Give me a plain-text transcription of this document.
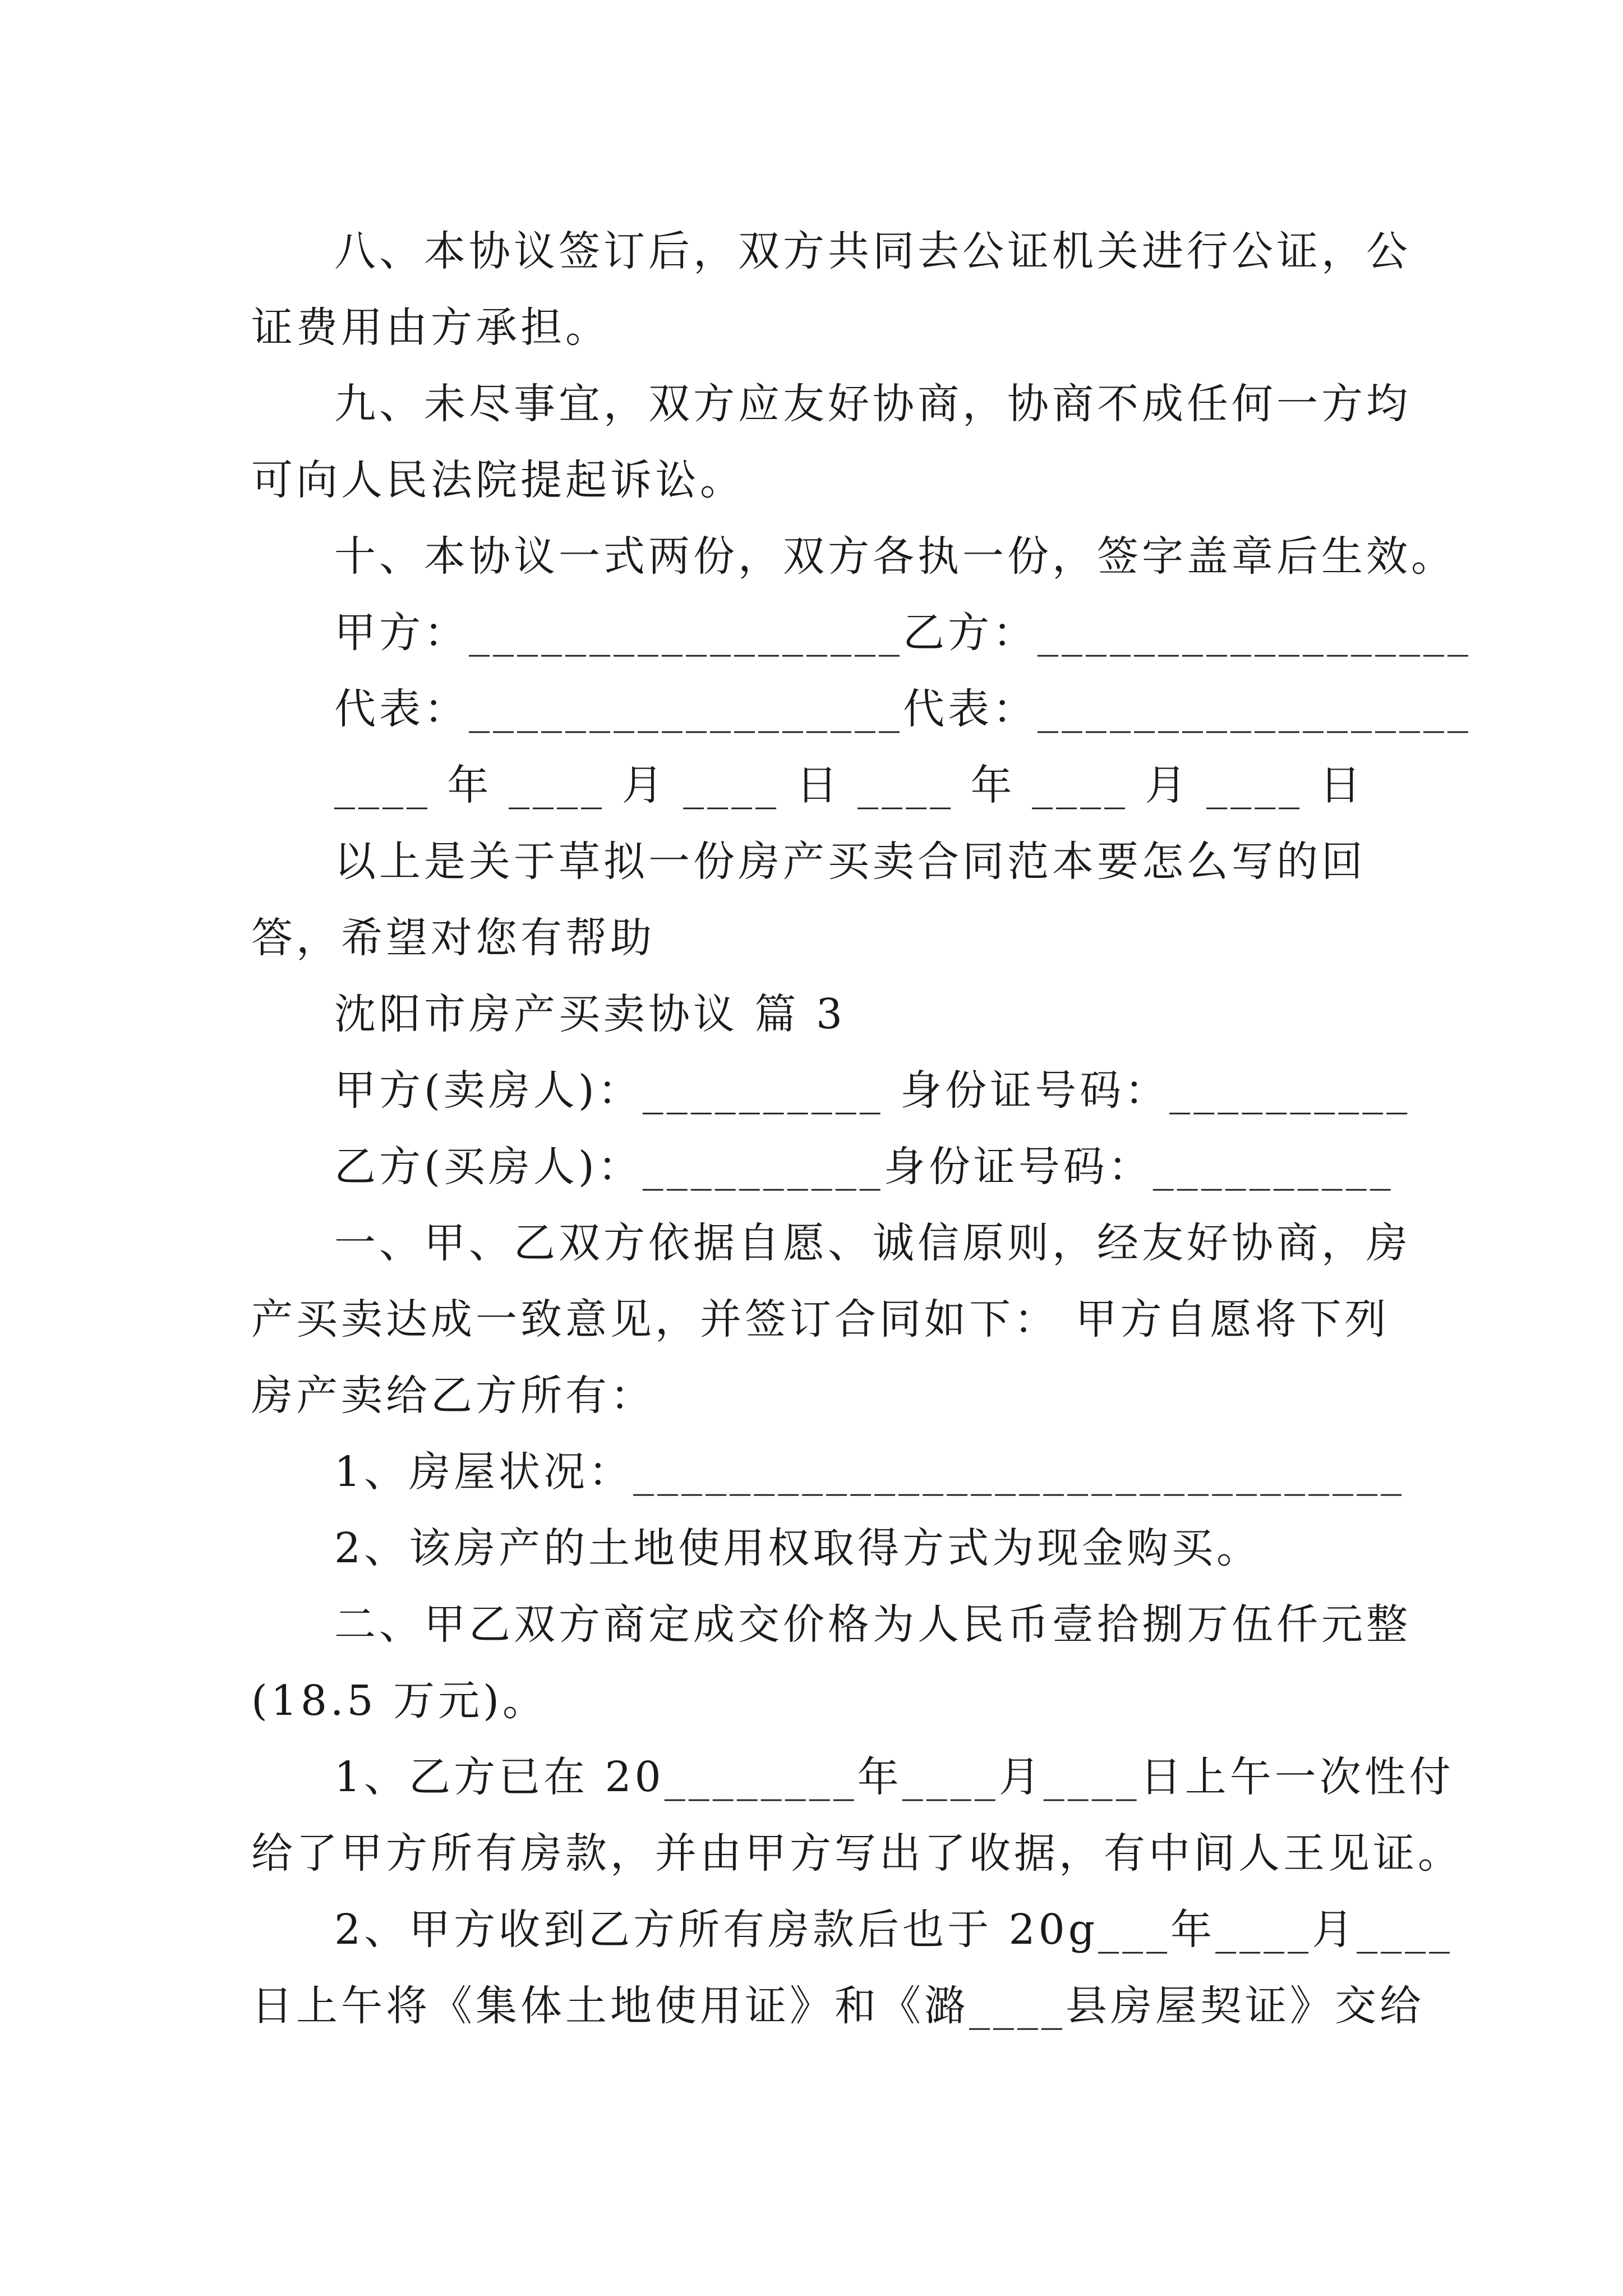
八、本协议签订后，双方共同去公证机关进行公证，公
证费用由方承担。
九、未尽事宜，双方应友好协商，协商不成任何一方均
可向人民法院提起诉讼。
十、本协议一式两份，双方各执一份，签字盖章后生效。
甲方：__________________乙方：__________________
代表：__________________代表：__________________
____ 年 ____ 月 ____ 日 ____ 年 ____ 月 ____ 日
以上是关于草拟一份房产买卖合同范本要怎么写的回
答，希望对您有帮助
沈阳市房产买卖协议 篇 3
甲方(卖房人)：__________ 身份证号码：__________
乙方(买房人)：__________身份证号码：__________
一、甲、乙双方依据自愿、诚信原则，经友好协商，房
产买卖达成一致意见，并签订合同如下： 甲方自愿将下列
房产卖给乙方所有：
1、房屋状况：________________________________
2、该房产的土地使用权取得方式为现金购买。
二、甲乙双方商定成交价格为人民币壹拾捌万伍仟元整
(18.5 万元)。
1、乙方已在 20________年____月____日上午一次性付
给了甲方所有房款，并由甲方写出了收据，有中间人王见证。
2、甲方收到乙方所有房款后也于 20g___年____月____
日上午将《集体土地使用证》和《潞____县房屋契证》交给
